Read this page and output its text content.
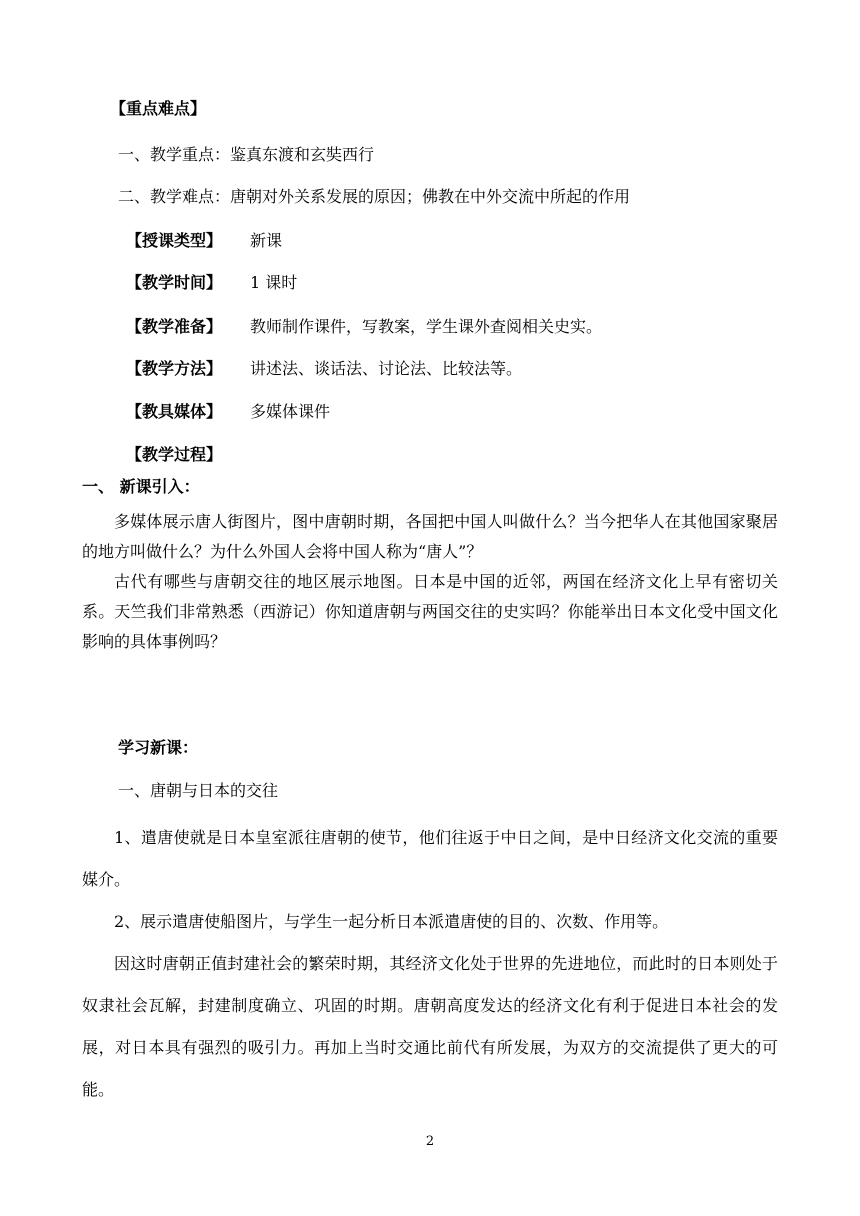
【重点难点】
一、教学重点：鉴真东渡和玄奘西行
二、教学难点：唐朝对外关系发展的原因；佛教在中外交流中所起的作用
【授课类型】 新课
【教学时间】 1 课时
【教学准备】 教师制作课件，写教案，学生课外查阅相关史实。
【教学方法】 讲述法、谈话法、讨论法、比较法等。
【教具媒体】 多媒体课件
【教学过程】
一、 新课引入：

多媒体展示唐人街图片，图中唐朝时期，各国把中国人叫做什么？当今把华人在其他国家聚居的地方叫做什么？为什么外国人会将中国人称为“唐人”？

古代有哪些与唐朝交往的地区展示地图。日本是中国的近邻，两国在经济文化上早有密切关系。天竺我们非常熟悉（西游记）你知道唐朝与两国交往的史实吗？你能举出日本文化受中国文化影响的具体事例吗？

学习新课：
一、唐朝与日本的交往

1、遣唐使就是日本皇室派往唐朝的使节，他们往返于中日之间，是中日经济文化交流的重要媒介。

2、展示遣唐使船图片，与学生一起分析日本派遣唐使的目的、次数、作用等。

因这时唐朝正值封建社会的繁荣时期，其经济文化处于世界的先进地位，而此时的日本则处于奴隶社会瓦解，封建制度确立、巩固的时期。唐朝高度发达的经济文化有利于促进日本社会的发展，对日本具有强烈的吸引力。再加上当时交通比前代有所发展，为双方的交流提供了更大的可能。

2
